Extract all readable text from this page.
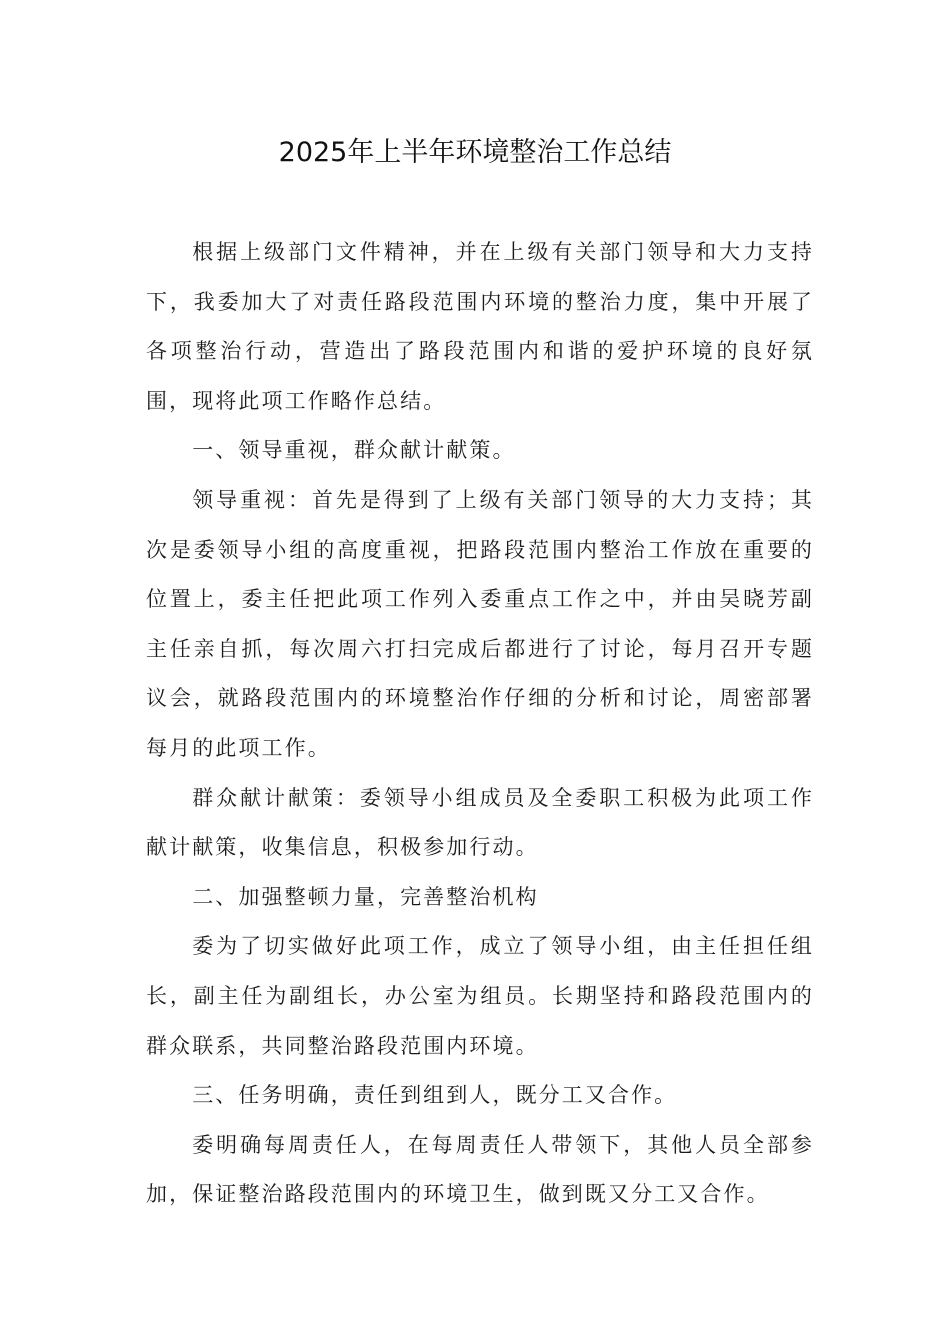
2025年上半年环境整治工作总结

根据上级部门文件精神，并在上级有关部门领导和大力支持下，我委加大了对责任路段范围内环境的整治力度，集中开展了各项整治行动，营造出了路段范围内和谐的爱护环境的良好氛围，现将此项工作略作总结。

一、领导重视，群众献计献策。

领导重视：首先是得到了上级有关部门领导的大力支持；其次是委领导小组的高度重视，把路段范围内整治工作放在重要的位置上，委主任把此项工作列入委重点工作之中，并由吴晓芳副主任亲自抓，每次周六打扫完成后都进行了讨论，每月召开专题议会，就路段范围内的环境整治作仔细的分析和讨论，周密部署每月的此项工作。

群众献计献策：委领导小组成员及全委职工积极为此项工作献计献策，收集信息，积极参加行动。

二、加强整顿力量，完善整治机构

委为了切实做好此项工作，成立了领导小组，由主任担任组长，副主任为副组长，办公室为组员。长期坚持和路段范围内的群众联系，共同整治路段范围内环境。

三、任务明确，责任到组到人，既分工又合作。

委明确每周责任人，在每周责任人带领下，其他人员全部参加，保证整治路段范围内的环境卫生，做到既又分工又合作。
